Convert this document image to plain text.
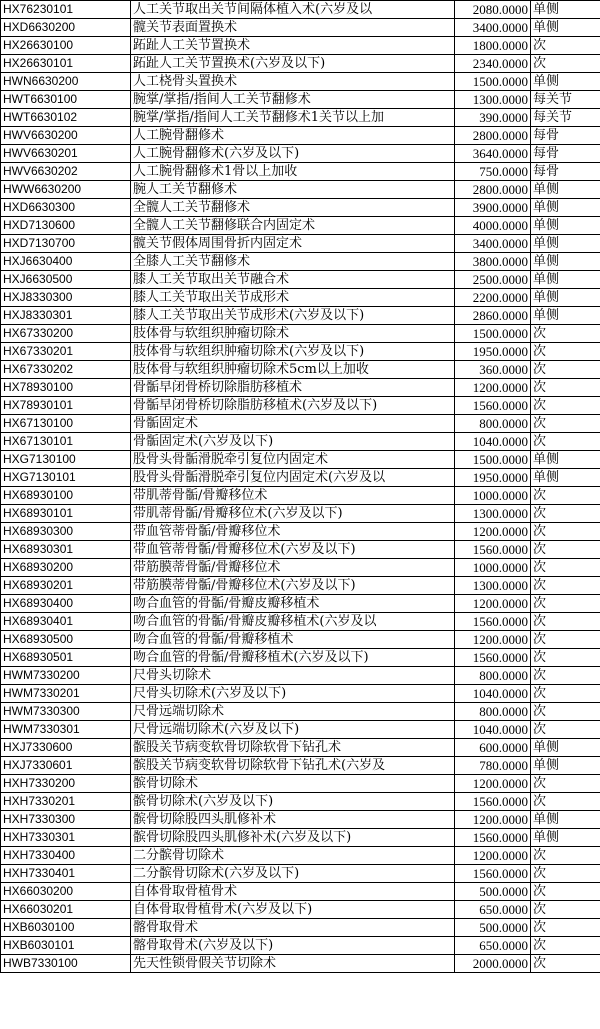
HX76230101	人工关节取出关节间隔体植入术(六岁及以	2080.0000	单侧
HXD6630200	髋关节表面置换术	3400.0000	单侧
HX26630100	跖趾人工关节置换术	1800.0000	次
HX26630101	跖趾人工关节置换术(六岁及以下)	2340.0000	次
HWN6630200	人工桡骨头置换术	1500.0000	单侧
HWT6630100	腕掌/掌指/指间人工关节翻修术	1300.0000	每关节
HWT6630102	腕掌/掌指/指间人工关节翻修术1关节以上加	390.0000	每关节
HWV6630200	人工腕骨翻修术	2800.0000	每骨
HWV6630201	人工腕骨翻修术(六岁及以下)	3640.0000	每骨
HWV6630202	人工腕骨翻修术1骨以上加收	750.0000	每骨
HWW6630200	腕人工关节翻修术	2800.0000	单侧
HXD6630300	全髋人工关节翻修术	3900.0000	单侧
HXD7130600	全髋人工关节翻修联合内固定术	4000.0000	单侧
HXD7130700	髋关节假体周围骨折内固定术	3400.0000	单侧
HXJ6630400	全膝人工关节翻修术	3800.0000	单侧
HXJ6630500	膝人工关节取出关节融合术	2500.0000	单侧
HXJ8330300	膝人工关节取出关节成形术	2200.0000	单侧
HXJ8330301	膝人工关节取出关节成形术(六岁及以下)	2860.0000	单侧
HX67330200	肢体骨与软组织肿瘤切除术	1500.0000	次
HX67330201	肢体骨与软组织肿瘤切除术(六岁及以下)	1950.0000	次
HX67330202	肢体骨与软组织肿瘤切除术5cm以上加收	360.0000	次
HX78930100	骨骺早闭骨桥切除脂肪移植术	1200.0000	次
HX78930101	骨骺早闭骨桥切除脂肪移植术(六岁及以下)	1560.0000	次
HX67130100	骨骺固定术	800.0000	次
HX67130101	骨骺固定术(六岁及以下)	1040.0000	次
HXG7130100	股骨头骨骺滑脱牵引复位内固定术	1500.0000	单侧
HXG7130101	股骨头骨骺滑脱牵引复位内固定术(六岁及以	1950.0000	单侧
HX68930100	带肌蒂骨骺/骨瓣移位术	1000.0000	次
HX68930101	带肌蒂骨骺/骨瓣移位术(六岁及以下)	1300.0000	次
HX68930300	带血管蒂骨骺/骨瓣移位术	1200.0000	次
HX68930301	带血管蒂骨骺/骨瓣移位术(六岁及以下)	1560.0000	次
HX68930200	带筋膜蒂骨骺/骨瓣移位术	1000.0000	次
HX68930201	带筋膜蒂骨骺/骨瓣移位术(六岁及以下)	1300.0000	次
HX68930400	吻合血管的骨骺/骨瓣皮瓣移植术	1200.0000	次
HX68930401	吻合血管的骨骺/骨瓣皮瓣移植术(六岁及以	1560.0000	次
HX68930500	吻合血管的骨骺/骨瓣移植术	1200.0000	次
HX68930501	吻合血管的骨骺/骨瓣移植术(六岁及以下)	1560.0000	次
HWM7330200	尺骨头切除术	800.0000	次
HWM7330201	尺骨头切除术(六岁及以下)	1040.0000	次
HWM7330300	尺骨远端切除术	800.0000	次
HWM7330301	尺骨远端切除术(六岁及以下)	1040.0000	次
HXJ7330600	髌股关节病变软骨切除软骨下钻孔术	600.0000	单侧
HXJ7330601	髌股关节病变软骨切除软骨下钻孔术(六岁及	780.0000	单侧
HXH7330200	髌骨切除术	1200.0000	次
HXH7330201	髌骨切除术(六岁及以下)	1560.0000	次
HXH7330300	髌骨切除股四头肌修补术	1200.0000	单侧
HXH7330301	髌骨切除股四头肌修补术(六岁及以下)	1560.0000	单侧
HXH7330400	二分髌骨切除术	1200.0000	次
HXH7330401	二分髌骨切除术(六岁及以下)	1560.0000	次
HX66030200	自体骨取骨植骨术	500.0000	次
HX66030201	自体骨取骨植骨术(六岁及以下)	650.0000	次
HXB6030100	髂骨取骨术	500.0000	次
HXB6030101	髂骨取骨术(六岁及以下)	650.0000	次
HWB7330100	先天性锁骨假关节切除术	2000.0000	次
